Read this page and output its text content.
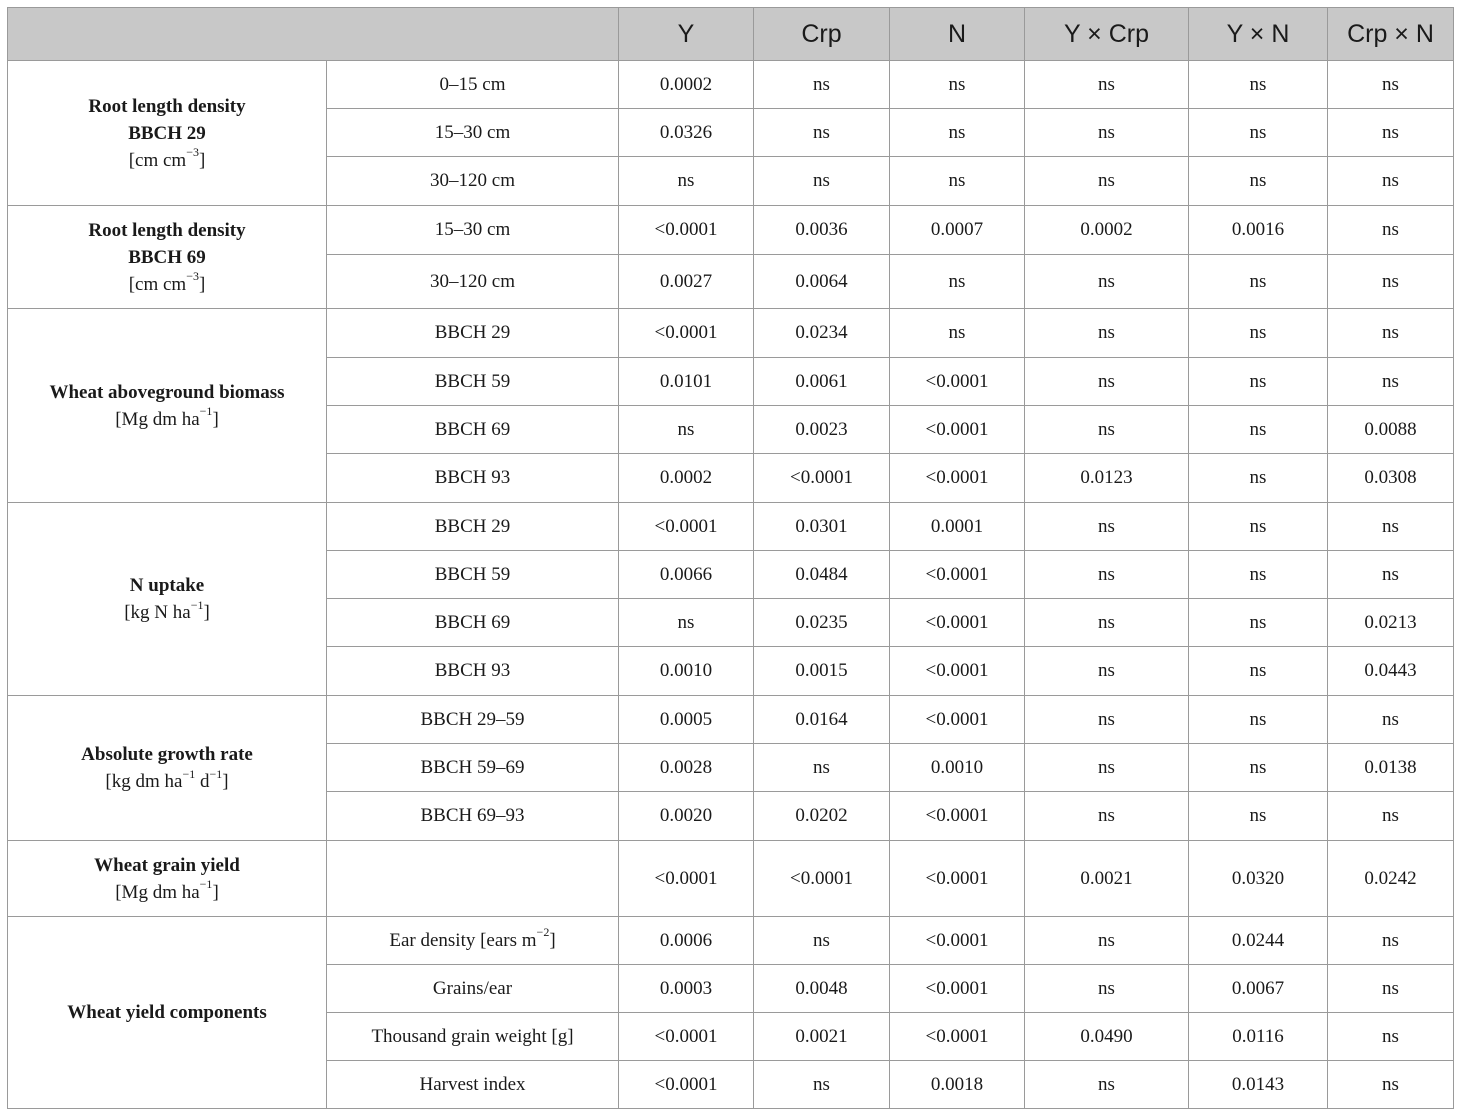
		Y	Crp	N	Y × Crp	Y × N	Crp × N

Root length density
BBCH 29
[cm $cm^{-3}$]	0–15 cm	0.0002	ns	ns	ns	ns	ns
	15–30 cm	0.0326	ns	ns	ns	ns	ns
	30–120 cm	ns	ns	ns	ns	ns	ns

Root length density
BBCH 69
[cm $cm^{-3}$]	15–30 cm	<0.0001	0.0036	0.0007	0.0002	0.0016	ns
	30–120 cm	0.0027	0.0064	ns	ns	ns	ns

Wheat aboveground biomass
[Mg dm $ha^{-1}$]	BBCH 29	<0.0001	0.0234	ns	ns	ns	ns
	BBCH 59	0.0101	0.0061	<0.0001	ns	ns	ns
	BBCH 69	ns	0.0023	<0.0001	ns	ns	0.0088
	BBCH 93	0.0002	<0.0001	<0.0001	0.0123	ns	0.0308

N uptake
[kg N $ha^{-1}$]	BBCH 29	<0.0001	0.0301	0.0001	ns	ns	ns
	BBCH 59	0.0066	0.0484	<0.0001	ns	ns	ns
	BBCH 69	ns	0.0235	<0.0001	ns	ns	0.0213
	BBCH 93	0.0010	0.0015	<0.0001	ns	ns	0.0443

Absolute growth rate
[kg dm $ha^{-1}$ $d^{-1}$]	BBCH 29–59	0.0005	0.0164	<0.0001	ns	ns	ns
	BBCH 59–69	0.0028	ns	0.0010	ns	ns	0.0138
	BBCH 69–93	0.0020	0.0202	<0.0001	ns	ns	ns

Wheat grain yield
[Mg dm $ha^{-1}$]		<0.0001	<0.0001	<0.0001	0.0021	0.0320	0.0242

Wheat yield components	Ear density [ears $m^{-2}$]	0.0006	ns	<0.0001	ns	0.0244	ns
	Grains/ear	0.0003	0.0048	<0.0001	ns	0.0067	ns
	Thousand grain weight [g]	<0.0001	0.0021	<0.0001	0.0490	0.0116	ns
	Harvest index	<0.0001	ns	0.0018	ns	0.0143	ns
